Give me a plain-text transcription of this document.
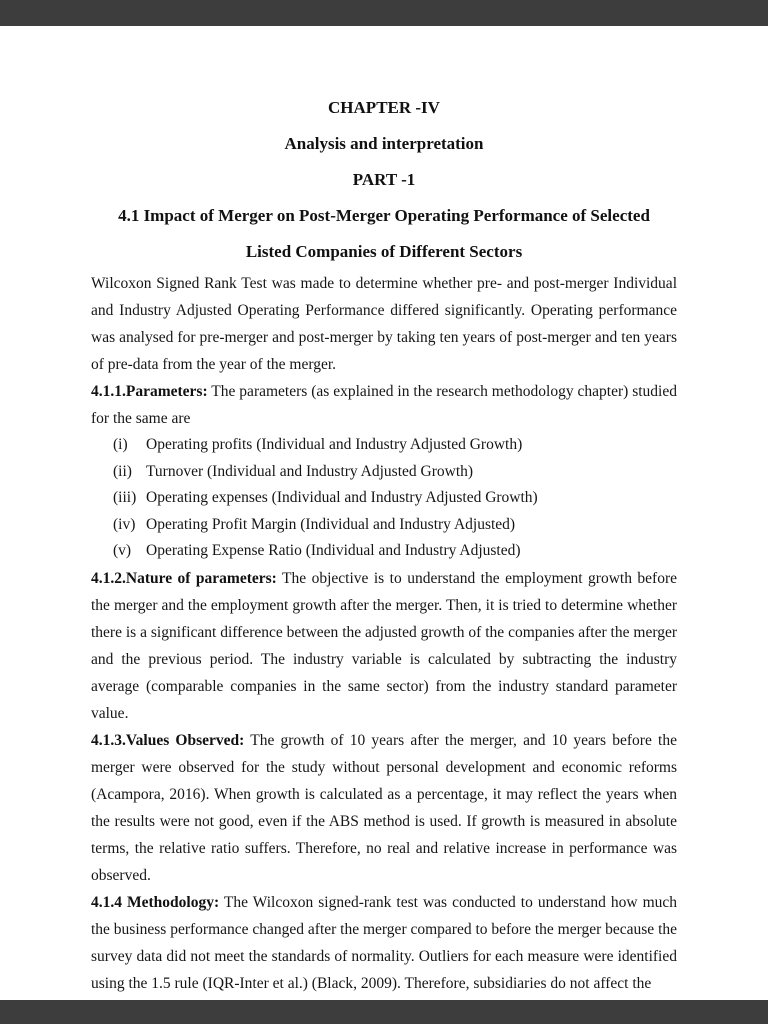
CHAPTER -IV
Analysis and interpretation
PART -1
4.1 Impact of Merger on Post-Merger Operating Performance of Selected
Listed Companies of Different Sectors

Wilcoxon Signed Rank Test was made to determine whether pre- and post-merger Individual and Industry Adjusted Operating Performance differed significantly. Operating performance was analysed for pre-merger and post-merger by taking ten years of post-merger and ten years of pre-data from the year of the merger.

4.1.1.Parameters: The parameters (as explained in the research methodology chapter) studied for the same are

(i)	Operating profits (Individual and Industry Adjusted Growth)
(ii) Turnover (Individual and Industry Adjusted Growth)
(iii) Operating expenses (Individual and Industry Adjusted Growth)
(iv) Operating Profit Margin (Individual and Industry Adjusted)
(v) Operating Expense Ratio (Individual and Industry Adjusted)

4.1.2.Nature of parameters: The objective is to understand the employment growth before the merger and the employment growth after the merger. Then, it is tried to determine whether there is a significant difference between the adjusted growth of the companies after the merger and the previous period. The industry variable is calculated by subtracting the industry average (comparable companies in the same sector) from the industry standard parameter value.

4.1.3.Values Observed: The growth of 10 years after the merger, and 10 years before the merger were observed for the study without personal development and economic reforms (Acampora, 2016). When growth is calculated as a percentage, it may reflect the years when the results were not good, even if the ABS method is used. If growth is measured in absolute terms, the relative ratio suffers. Therefore, no real and relative increase in performance was observed.

4.1.4 Methodology: The Wilcoxon signed-rank test was conducted to understand how much the business performance changed after the merger compared to before the merger because the survey data did not meet the standards of normality. Outliers for each measure were identified using the 1.5 rule (IQR-Inter et al.) (Black, 2009). Therefore, subsidiaries do not affect the
